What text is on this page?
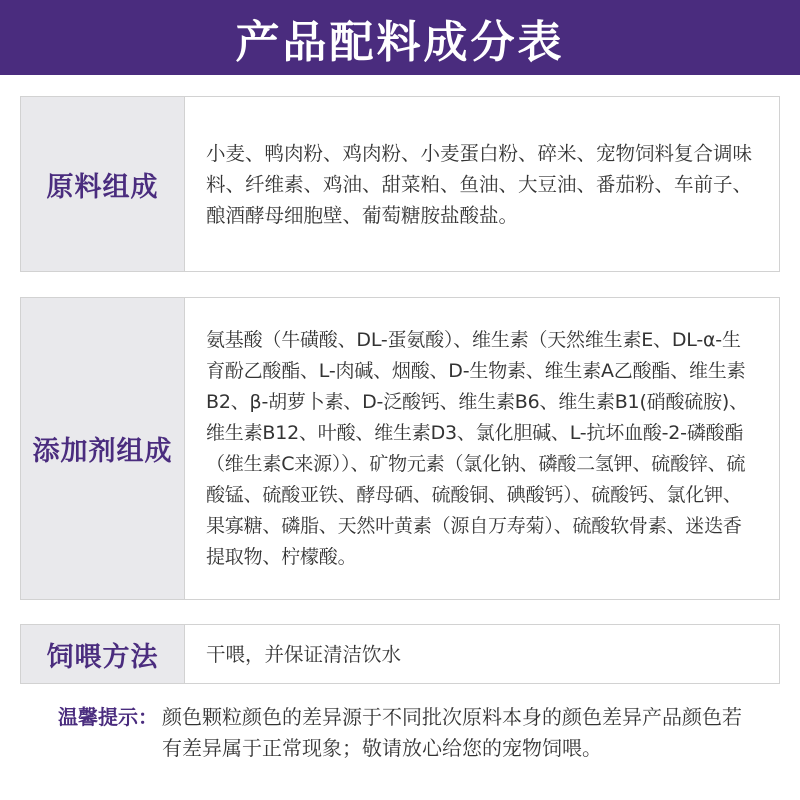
产品配料成分表
原料组成
小麦、鸭肉粉、鸡肉粉、小麦蛋白粉、碎米、宠物饲料复合调味料、纤维素、鸡油、甜菜粕、鱼油、大豆油、番茄粉、车前子、酿酒酵母细胞壁、葡萄糖胺盐酸盐。
添加剂组成
氨基酸（牛磺酸、DL-蛋氨酸）、维生素（天然维生素E、DL-α-生育酚乙酸酯、L-肉碱、烟酸、D-生物素、维生素A乙酸酯、维生素B2、β-胡萝卜素、D-泛酸钙、维生素B6、维生素B1(硝酸硫胺)、维生素B12、叶酸、维生素D3、氯化胆碱、L-抗坏血酸-2-磷酸酯（维生素C来源））、矿物元素（氯化钠、磷酸二氢钾、硫酸锌、硫酸锰、硫酸亚铁、酵母硒、硫酸铜、碘酸钙）、硫酸钙、氯化钾、果寡糖、磷脂、天然叶黄素（源自万寿菊）、硫酸软骨素、迷迭香提取物、柠檬酸。
饲喂方法	干喂，并保证清洁饮水
温馨提示： 颜色颗粒颜色的差异源于不同批次原料本身的颜色差异产品颜色若有差异属于正常现象；敬请放心给您的宠物饲喂。
